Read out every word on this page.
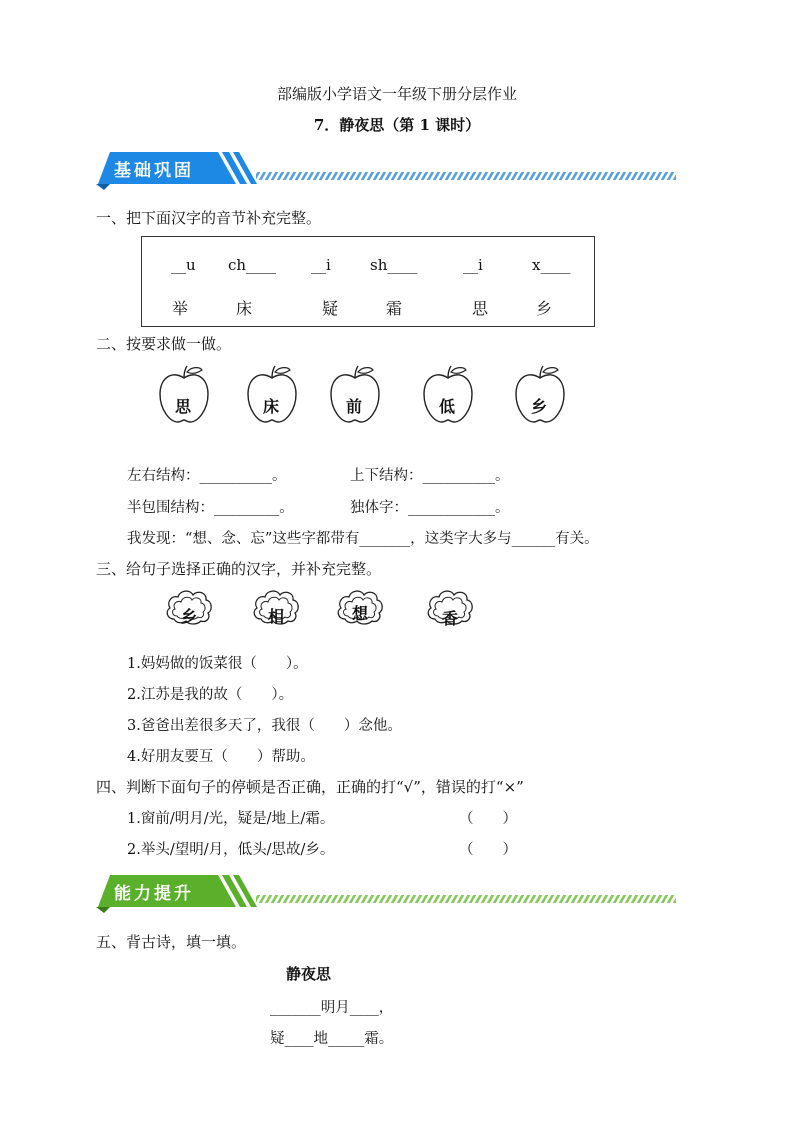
部编版小学语文一年级下册分层作业
7．静夜思（第 1 课时）
基础巩固
一、把下面汉字的音节补充完整。
__u ch____ __i	sh____	__i	x____
举	床	疑	霜	思	乡
二、按要求做一做。
思	床	前	低	乡
左右结构：__________。	上下结构：__________。
半包围结构：_________。	独体字：____________。
我发现：“想、念、忘”这些字都带有_______，这类字大多与______有关。
三、给句子选择正确的汉字，并补充完整。
乡	相	想	香
1.妈妈做的饭菜很（　　）。
2.江苏是我的故（　　）。
3.爸爸出差很多天了，我很（　　）念他。
4.好朋友要互（　　）帮助。
四、判断下面句子的停顿是否正确，正确的打“√”，错误的打“×”
1.窗前/明月/光，疑是/地上/霜。	（　　）
2.举头/望明/月，低头/思故/乡。	（　　）
能力提升
五、背古诗，填一填。
静夜思
_______明月____，
疑____地_____霜。
